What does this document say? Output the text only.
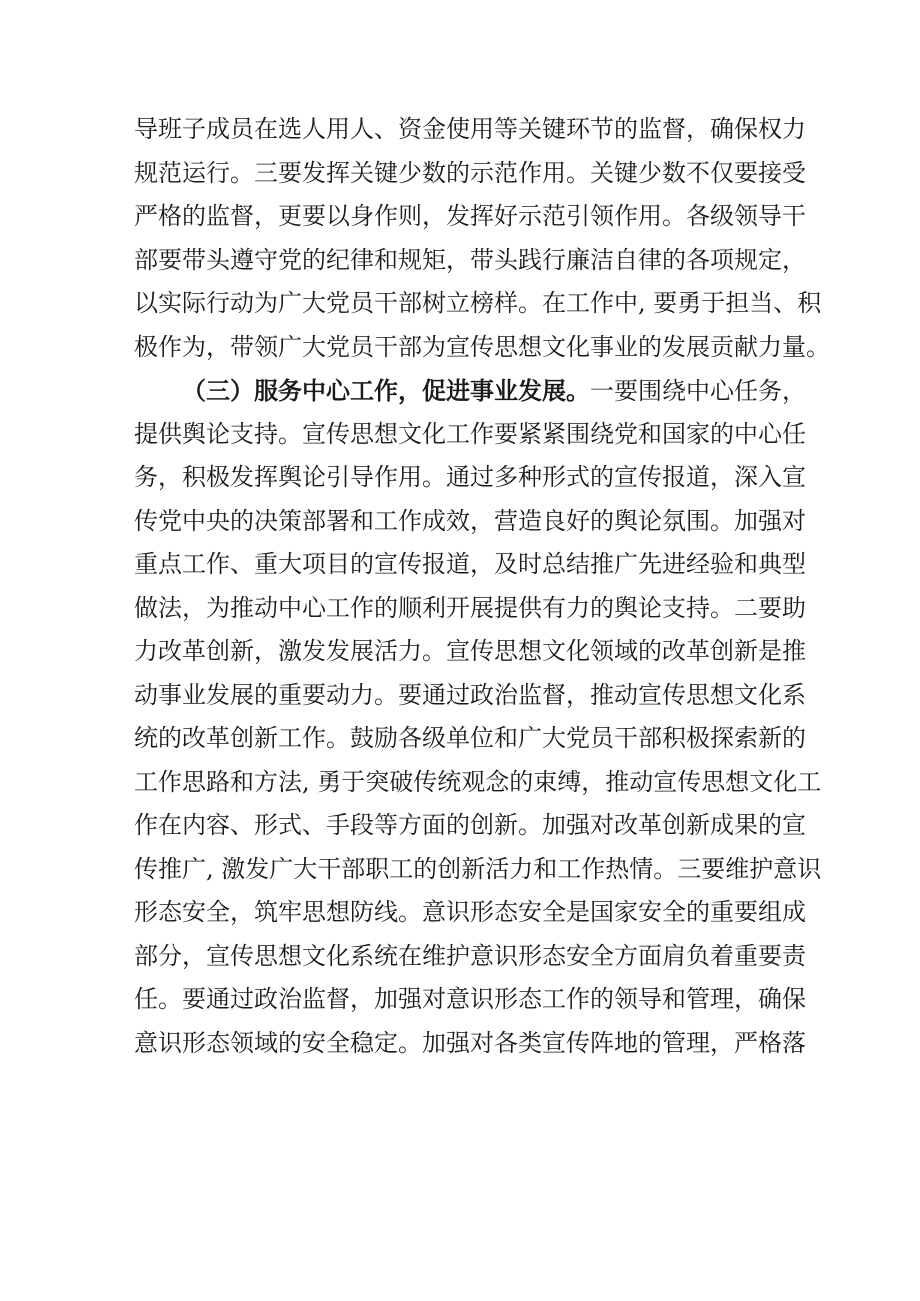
导班子成员在选人用人、资金使用等关键环节的监督，确保权力
规范运行。三要发挥关键少数的示范作用。关键少数不仅要接受
严格的监督，更要以身作则，发挥好示范引领作用。各级领导干
部要带头遵守党的纪律和规矩，带头践行廉洁自律的各项规定，
以实际行动为广大党员干部树立榜样。在工作中, 要勇于担当、积
极作为，带领广大党员干部为宣传思想文化事业的发展贡献力量。
（三）服务中心工作，促进事业发展。一要围绕中心任务，
提供舆论支持。宣传思想文化工作要紧紧围绕党和国家的中心任
务，积极发挥舆论引导作用。通过多种形式的宣传报道，深入宣
传党中央的决策部署和工作成效，营造良好的舆论氛围。加强对
重点工作、重大项目的宣传报道，及时总结推广先进经验和典型
做法，为推动中心工作的顺利开展提供有力的舆论支持。二要助
力改革创新，激发发展活力。宣传思想文化领域的改革创新是推
动事业发展的重要动力。要通过政治监督，推动宣传思想文化系
统的改革创新工作。鼓励各级单位和广大党员干部积极探索新的
工作思路和方法, 勇于突破传统观念的束缚，推动宣传思想文化工
作在内容、形式、手段等方面的创新。加强对改革创新成果的宣
传推广, 激发广大干部职工的创新活力和工作热情。三要维护意识
形态安全，筑牢思想防线。意识形态安全是国家安全的重要组成
部分，宣传思想文化系统在维护意识形态安全方面肩负着重要责
任。要通过政治监督，加强对意识形态工作的领导和管理，确保
意识形态领域的安全稳定。加强对各类宣传阵地的管理，严格落
